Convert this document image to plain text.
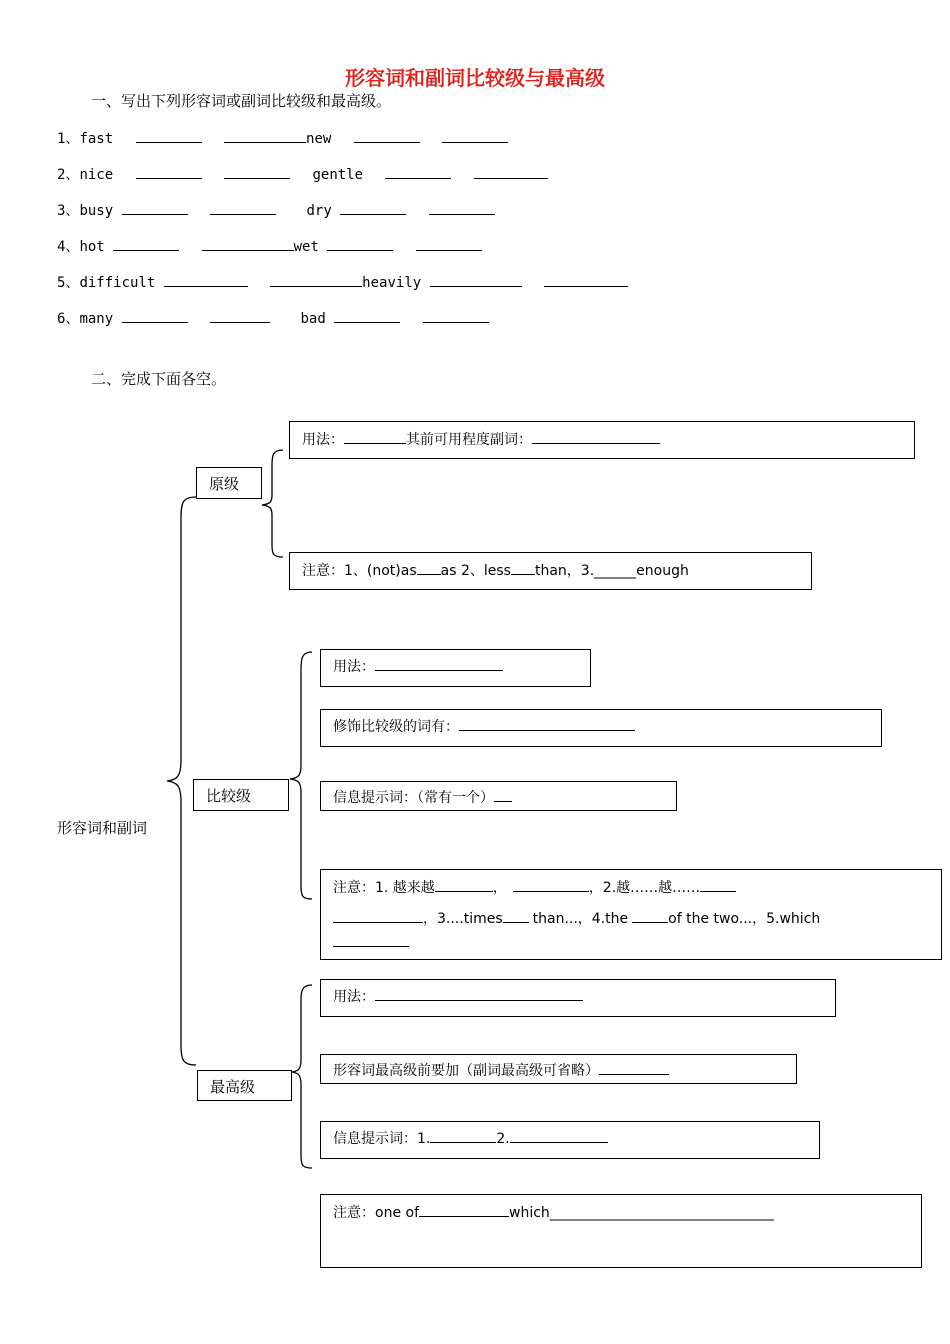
形容词和副词比较级与最高级
一、写出下列形容词或副词比较级和最高级。
1、fast	new
2、nice	gentle
3、busy	dry
4、hot	wet
5、difficult	heavily
6、many	bad
二、完成下面各空。
形容词和副词
原级
用法：	其前可用程度副词：
注意：1、(not)as as 2、less than，3.______enough
比较级
用法：
修饰比较级的词有：
信息提示词：（常有一个）
注意：1. 越来越	，	，2.越……越……
，3....times than...，4.the	of the two...，5.which
最高级
用法：
形容词最高级前要加（副词最高级可省略）
信息提示词：1.	2.
注意：one of	which________________________________
